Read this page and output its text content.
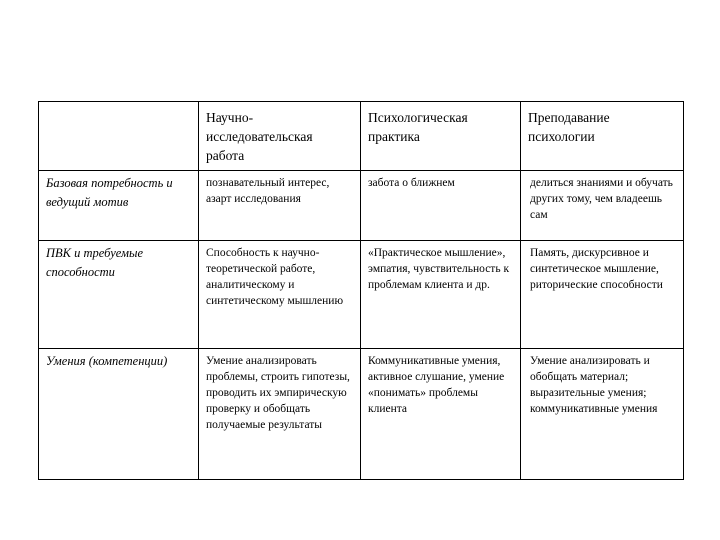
	Научно-исследовательская работа	Психологическая практика	Преподавание психологии
Базовая потребность и ведущий мотив	познавательный интерес, азарт исследования	забота о ближнем	делиться знаниями и обучать других тому, чем владеешь сам
ПВК и требуемые способности	Способность к научно-теоретической работе, аналитическому и синтетическому мышлению	«Практическое мышление», эмпатия, чувствительность к проблемам клиента и др.	Память, дискурсивное и синтетическое мышление, риторические способности
Умения (компетенции)	Умение анализировать проблемы, строить гипотезы, проводить их эмпирическую проверку и обобщать получаемые результаты	Коммуникативные умения, активное слушание, умение «понимать» проблемы клиента	Умение анализировать и обобщать материал; выразительные умения; коммуникативные умения
